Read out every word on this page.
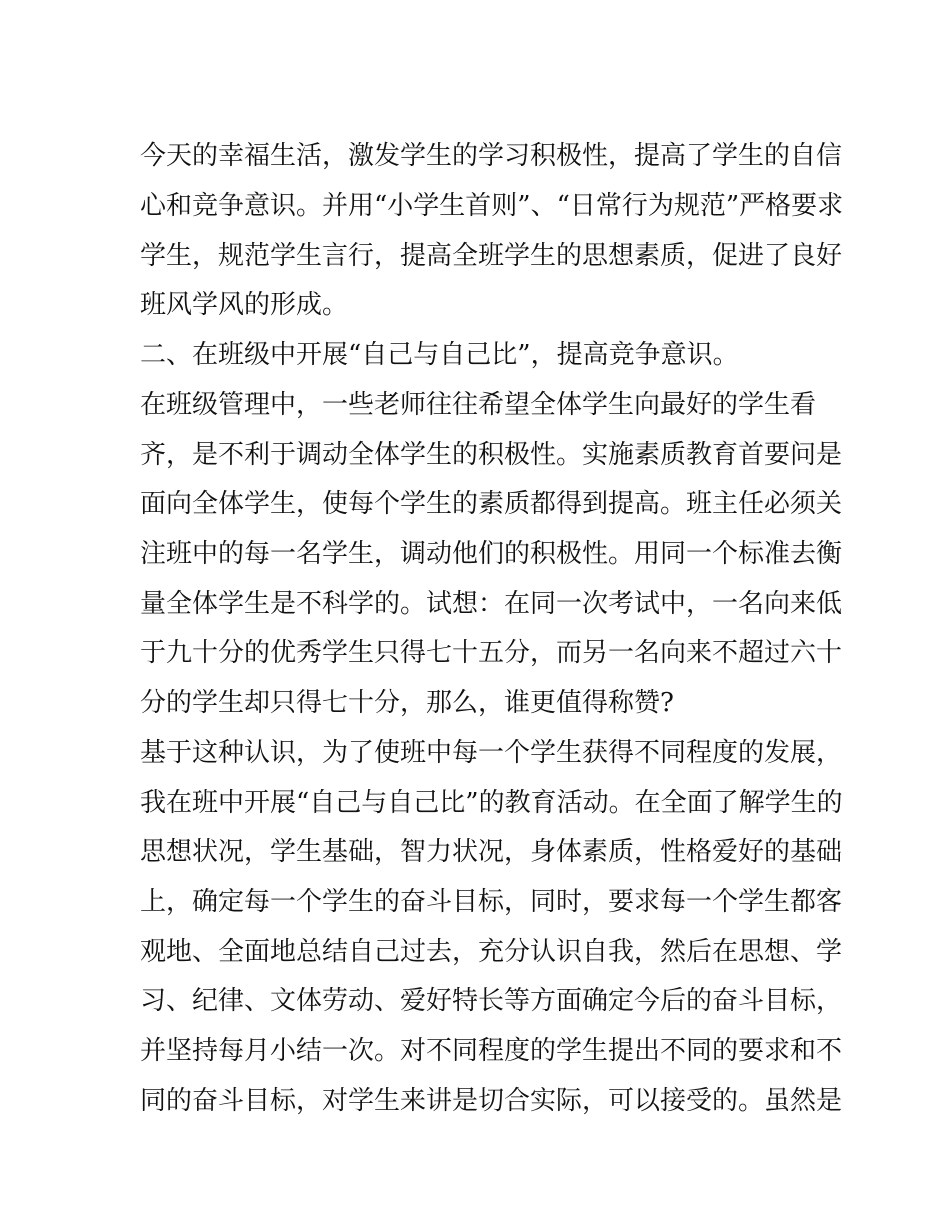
今天的幸福生活，激发学生的学习积极性，提高了学生的自信

心和竞争意识。并用“小学生首则”、“日常行为规范”严格要求

学生，规范学生言行，提高全班学生的思想素质，促进了良好

班风学风的形成。

二、在班级中开展“自己与自己比”，提高竞争意识。

在班级管理中，一些老师往往希望全体学生向最好的学生看

齐，是不利于调动全体学生的积极性。实施素质教育首要问是

面向全体学生，使每个学生的素质都得到提高。班主任必须关

注班中的每一名学生，调动他们的积极性。用同一个标准去衡

量全体学生是不科学的。试想：在同一次考试中，一名向来低

于九十分的优秀学生只得七十五分，而另一名向来不超过六十

分的学生却只得七十分，那么，谁更值得称赞?

基于这种认识，为了使班中每一个学生获得不同程度的发展，

我在班中开展“自己与自己比”的教育活动。在全面了解学生的

思想状况，学生基础，智力状况，身体素质，性格爱好的基础

上，确定每一个学生的奋斗目标，同时，要求每一个学生都客

观地、全面地总结自己过去，充分认识自我，然后在思想、学

习、纪律、文体劳动、爱好特长等方面确定今后的奋斗目标，

并坚持每月小结一次。对不同程度的学生提出不同的要求和不

同的奋斗目标，对学生来讲是切合实际，可以接受的。虽然是
